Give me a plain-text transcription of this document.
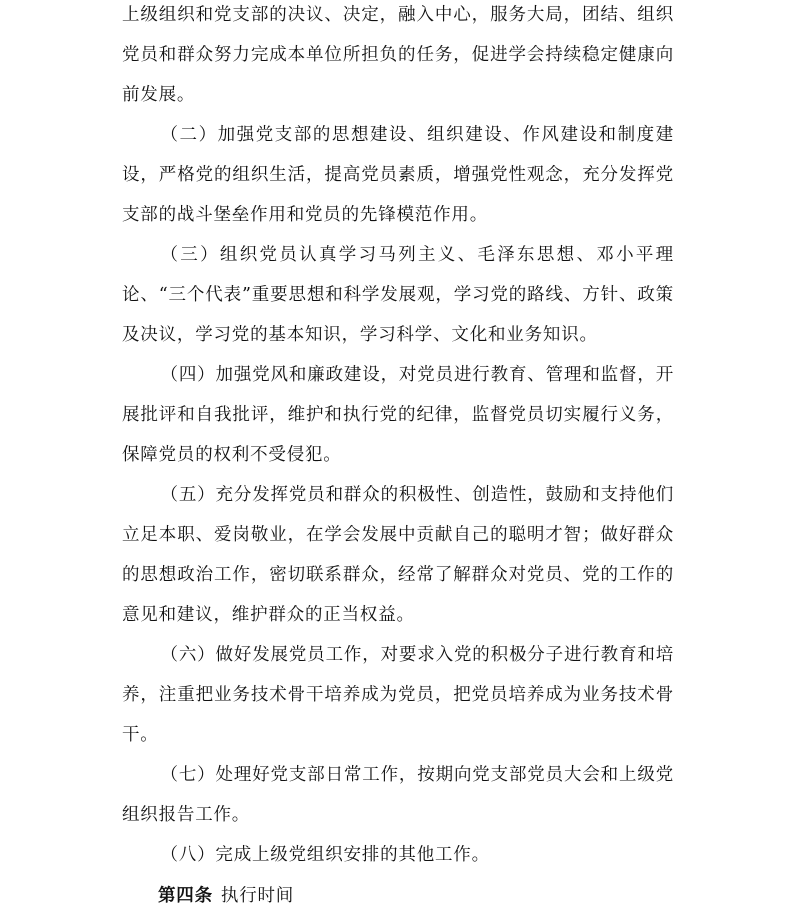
上级组织和党支部的决议、决定，融入中心，服务大局，团结、组织党员和群众努力完成本单位所担负的任务，促进学会持续稳定健康向前发展。

（二）加强党支部的思想建设、组织建设、作风建设和制度建设，严格党的组织生活，提高党员素质，增强党性观念，充分发挥党支部的战斗堡垒作用和党员的先锋模范作用。

（三）组织党员认真学习马列主义、毛泽东思想、邓小平理论、“三个代表”重要思想和科学发展观，学习党的路线、方针、政策及决议，学习党的基本知识，学习科学、文化和业务知识。

（四）加强党风和廉政建设，对党员进行教育、管理和监督，开展批评和自我批评，维护和执行党的纪律，监督党员切实履行义务，保障党员的权利不受侵犯。

（五）充分发挥党员和群众的积极性、创造性，鼓励和支持他们立足本职、爱岗敬业，在学会发展中贡献自己的聪明才智；做好群众的思想政治工作，密切联系群众，经常了解群众对党员、党的工作的意见和建议，维护群众的正当权益。

（六）做好发展党员工作，对要求入党的积极分子进行教育和培养，注重把业务技术骨干培养成为党员，把党员培养成为业务技术骨干。

（七）处理好党支部日常工作，按期向党支部党员大会和上级党组织报告工作。

（八）完成上级党组织安排的其他工作。

第四条 执行时间
